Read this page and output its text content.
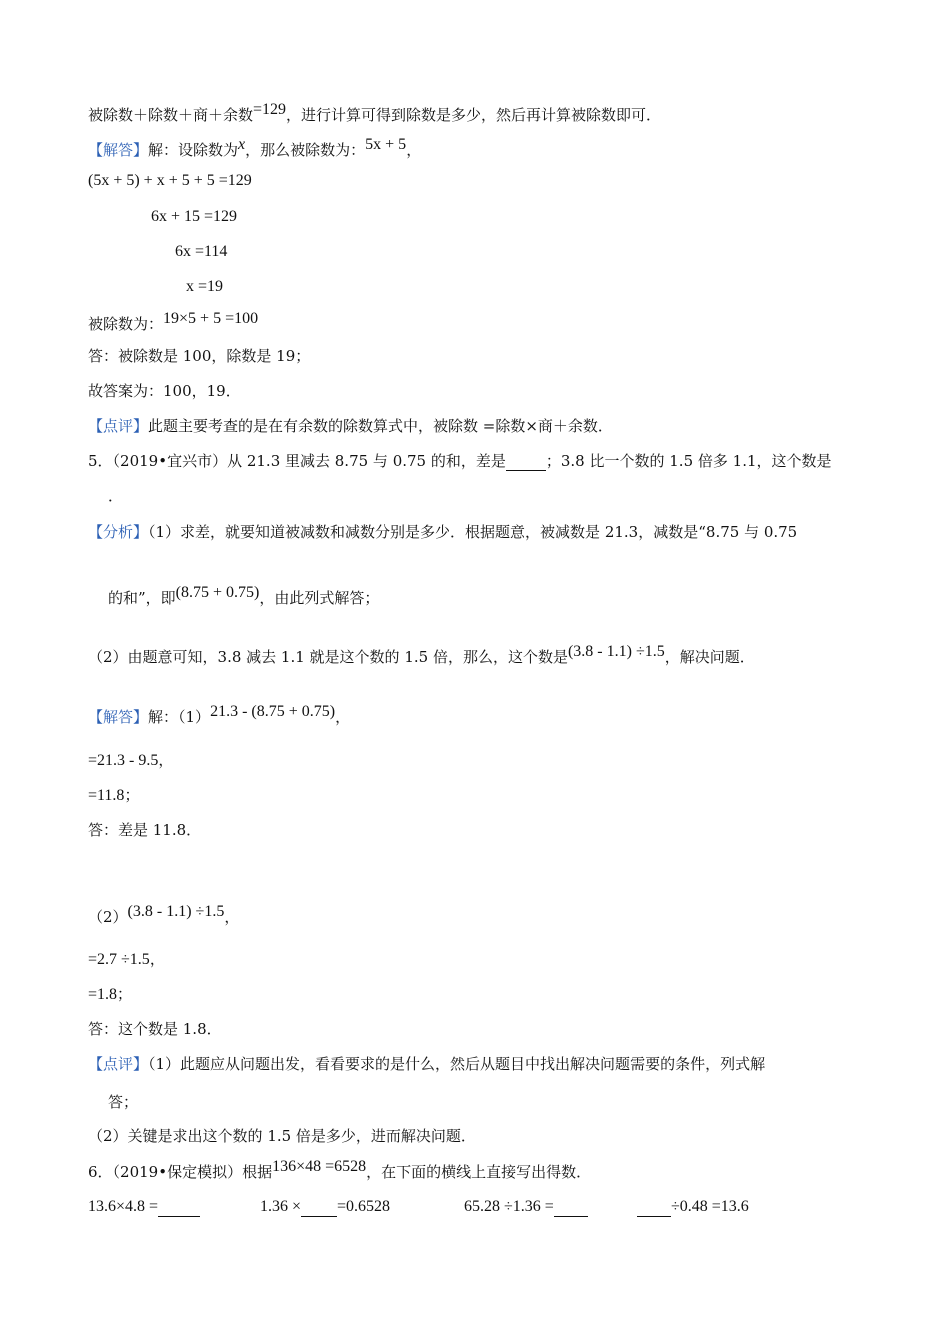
被除数＋除数＋商＋余数=129，进行计算可得到除数是多少，然后再计算被除数即可．
【解答】解：设除数为x，那么被除数为：5x + 5，
(5x + 5) + x + 5 + 5 =129
6x + 15 =129
6x =114
x =19
被除数为：19×5 + 5 =100
答：被除数是 100，除数是 19；
故答案为：100，19．
【点评】此题主要考查的是在有余数的除数算式中，被除数 =除数×商＋余数．
5．（2019•宜兴市）从 21.3 里减去 8.75 与 0.75 的和，差是	；3.8 比一个数的 1.5 倍多 1.1，这个数是
．
【分析】（1）求差，就要知道被减数和减数分别是多少．根据题意，被减数是 21.3，减数是“8.75 与 0.75
的和”，即(8.75 + 0.75)，由此列式解答；
（2）由题意可知，3.8 减去 1.1 就是这个数的 1.5 倍，那么，这个数是(3.8 - 1.1) ÷1.5，解决问题．
【解答】解：（1）21.3 - (8.75 + 0.75)，
=21.3 - 9.5，
=11.8；
答：差是 11.8．
（2）(3.8 - 1.1) ÷1.5，
=2.7 ÷1.5，
=1.8；
答：这个数是 1.8．
【点评】（1）此题应从问题出发，看看要求的是什么，然后从题目中找出解决问题需要的条件，列式解
答；
（2）关键是求出这个数的 1.5 倍是多少，进而解决问题．
6．（2019•保定模拟）根据136×48 =6528，在下面的横线上直接写出得数．
13.6×4.8 =	1.36 × =0.6528	65.28 ÷1.36 =	÷0.48 =13.6
